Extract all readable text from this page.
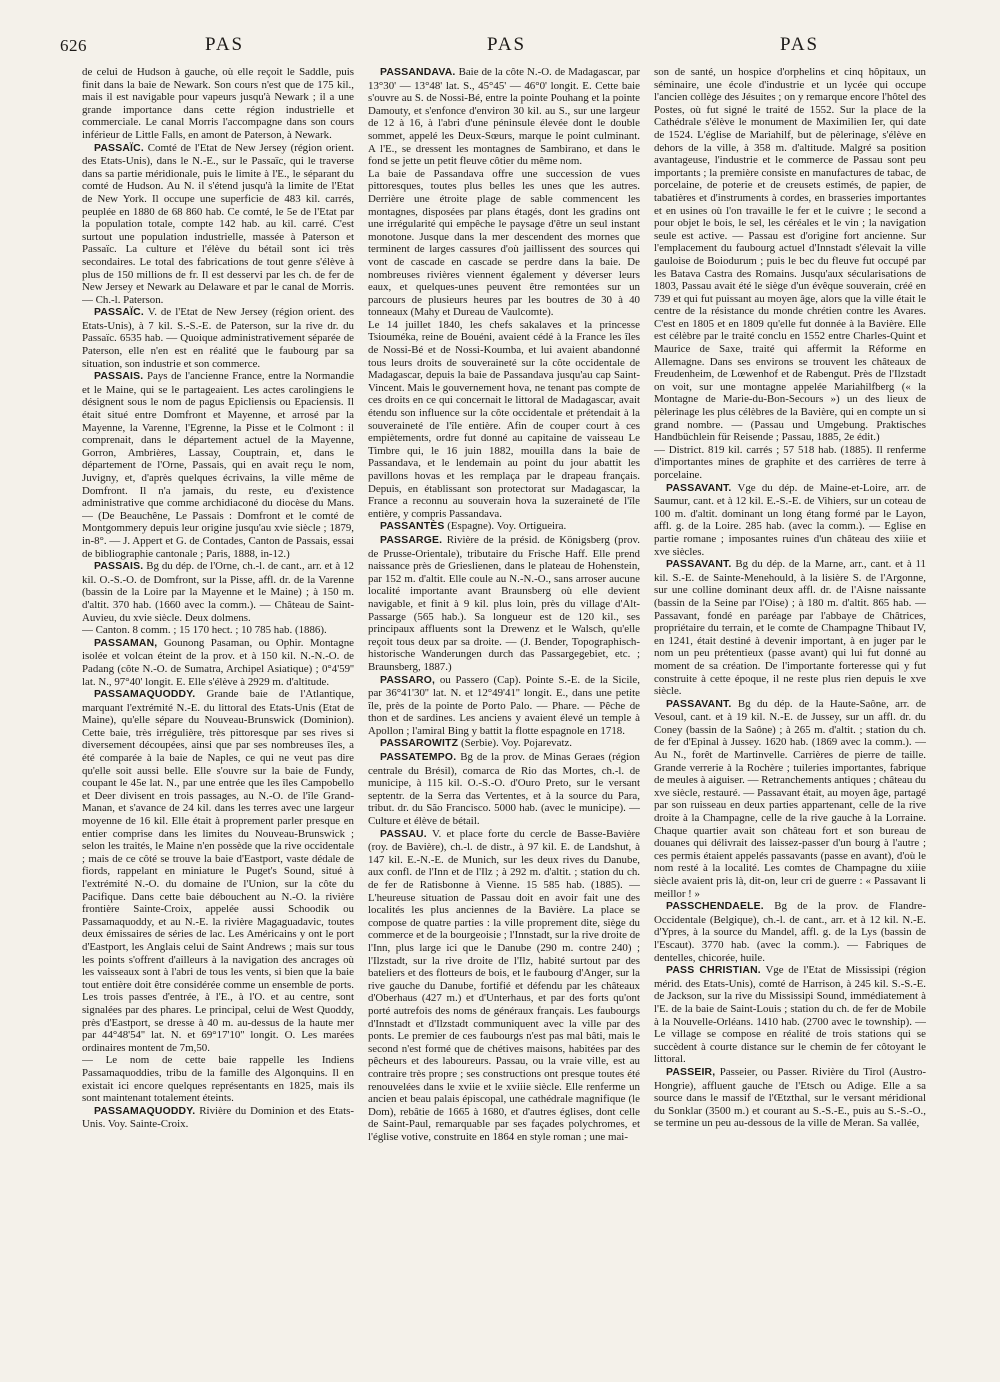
626	PAS	PAS	PAS

de celui de Hudson à gauche, où elle reçoit le Saddle, puis finit dans la baie de Newark. Son cours n'est que de 175 kil., mais il est navigable pour vapeurs jusqu'à Newark ; il a une grande importance dans cette région industrielle et commerciale. Le canal Morris l'accompagne dans son cours inférieur de Little Falls, en amont de Paterson, à Newark.

PASSAÏC. Comté de l'Etat de New Jersey (région orient. des Etats-Unis), dans le N.-E., sur le Passaïc, qui le traverse dans sa partie méridionale, puis le limite à l'E., le séparant du comté de Hudson. Au N. il s'étend jusqu'à la limite de l'Etat de New York. Il occupe une superficie de 483 kil. carrés, peuplée en 1880 de 68 860 hab. Ce comté, le 5e de l'Etat par la population totale, compte 142 hab. au kil. carré. C'est surtout une population industrielle, massée à Paterson et Passaïc. La culture et l'élève du bétail sont ici très secondaires. Le total des fabrications de tout genre s'élève à plus de 150 millions de fr. Il est desservi par les ch. de fer de New Jersey et Newark au Delaware et par le canal de Morris. — Ch.-l. Paterson.

PASSAÏC. V. de l'Etat de New Jersey (région orient. des Etats-Unis), à 7 kil. S.-S.-E. de Paterson, sur la rive dr. du Passaïc. 6535 hab. — Quoique administrativement séparée de Paterson, elle n'en est en réalité que le faubourg par sa situation, son industrie et son commerce.

PASSAIS. Pays de l'ancienne France, entre la Normandie et le Maine, qui se le partageaient. Les actes carolingiens le désignent sous le nom de pagus Epicliensis ou Epaciensis. Il était situé entre Domfront et Mayenne, et arrosé par la Mayenne, la Varenne, l'Egrenne, la Pisse et le Colmont : il comprenait, dans le département actuel de la Mayenne, Gorron, Ambrières, Lassay, Couptrain, et, dans le département de l'Orne, Passais, qui en avait reçu le nom, Juvigny, et, d'après quelques écrivains, la ville même de Domfront. Il n'a jamais, du reste, eu d'existence administrative que comme archidiaconé du diocèse du Mans. — (De Beauchêne, Le Passais : Domfront et le comté de Montgommery depuis leur origine jusqu'au xvie siècle ; 1879, in-8°. — J. Appert et G. de Contades, Canton de Passais, essai de bibliographie cantonale ; Paris, 1888, in-12.)

PASSAIS. Bg du dép. de l'Orne, ch.-l. de cant., arr. et à 12 kil. O.-S.-O. de Domfront, sur la Pisse, affl. dr. de la Varenne (bassin de la Loire par la Mayenne et le Maine) ; à 150 m. d'altit. 370 hab. (1660 avec la comm.). — Château de Saint-Auvieu, du xvie siècle. Deux dolmens.

— Canton. 8 comm. ; 15 170 hect. ; 10 785 hab. (1886).

PASSAMAN, Gounong Pasaman, ou Ophir. Montagne isolée et volcan éteint de la prov. et à 150 kil. N.-N.-O. de Padang (côte N.-O. de Sumatra, Archipel Asiatique) ; 0°4'59'' lat. N., 97°40' longit. E. Elle s'élève à 2929 m. d'altitude.

PASSAMAQUODDY. Grande baie de l'Atlantique, marquant l'extrémité N.-E. du littoral des Etats-Unis (Etat de Maine), qu'elle sépare du Nouveau-Brunswick (Dominion). Cette baie, très irrégulière, très pittoresque par ses rives si diversement découpées, ainsi que par ses nombreuses îles, a été comparée à la baie de Naples, ce qui ne veut pas dire qu'elle soit aussi belle. Elle s'ouvre sur la baie de Fundy, coupant le 45e lat. N., par une entrée que les îles Campobello et Deer divisent en trois passages, au N.-O. de l'île Grand-Manan, et s'avance de 24 kil. dans les terres avec une largeur moyenne de 16 kil. Elle était à proprement parler presque en entier comprise dans les limites du Nouveau-Brunswick ; selon les traités, le Maine n'en possède que la rive occidentale ; mais de ce côté se trouve la baie d'Eastport, vaste dédale de fiords, rappelant en miniature le Puget's Sound, situé à l'extrémité N.-O. du domaine de l'Union, sur la côte du Pacifique. Dans cette baie débouchent au N.-O. la rivière frontière Sainte-Croix, appelée aussi Schoodik ou Passamaquoddy, et au N.-E. la rivière Magaguadavic, toutes deux émissaires de séries de lac. Les Américains y ont le port d'Eastport, les Anglais celui de Saint Andrews ; mais sur tous les points s'offrent d'ailleurs à la navigation des ancrages où les vaisseaux sont à l'abri de tous les vents, si bien que la baie tout entière doit être considérée comme un ensemble de ports. Les trois passes d'entrée, à l'E., à l'O. et au centre, sont signalées par des phares. Le principal, celui de West Quoddy, près d'Eastport, se dresse à 40 m. au-dessus de la haute mer par 44°48'54'' lat. N. et 69°17'10'' longit. O. Les marées ordinaires montent de 7m,50.

— Le nom de cette baie rappelle les Indiens Passamaquoddies, tribu de la famille des Algonquins. Il en existait ici encore quelques représentants en 1825, mais ils sont maintenant totalement éteints.

PASSAMAQUODDY. Rivière du Dominion et des Etats-Unis. Voy. Sainte-Croix.

PASSANDAVA. Baie de la côte N.-O. de Madagascar, par 13°30' — 13°48' lat. S., 45°45' — 46°0' longit. E. Cette baie s'ouvre au S. de Nossi-Bé, entre la pointe Pouhang et la pointe Damouty, et s'enfonce d'environ 30 kil. au S., sur une largeur de 12 à 16, à l'abri d'une péninsule élevée dont le double sommet, appelé les Deux-Sœurs, marque le point culminant. A l'E., se dressent les montagnes de Sambirano, et dans le fond se jette un petit fleuve côtier du même nom.

La baie de Passandava offre une succession de vues pittoresques, toutes plus belles les unes que les autres. Derrière une étroite plage de sable commencent les montagnes, disposées par plans étagés, dont les gradins ont une irrégularité qui empêche le paysage d'être un seul instant monotone. Jusque dans la mer descendent des mornes que terminent de larges cassures d'où jaillissent des sources qui vont de cascade en cascade se perdre dans la baie. De nombreuses rivières viennent également y déverser leurs eaux, et quelques-unes peuvent être remontées sur un parcours de plusieurs heures par les boutres de 30 à 40 tonneaux (Mahy et Dureau de Vaulcomte).

Le 14 juillet 1840, les chefs sakalaves et la princesse Tsiouméka, reine de Bouéni, avaient cédé à la France les îles de Nossi-Bé et de Nossi-Koumba, et lui avaient abandonné tous leurs droits de souveraineté sur la côte occidentale de Madagascar, depuis la baie de Passandava jusqu'au cap Saint-Vincent. Mais le gouvernement hova, ne tenant pas compte de ces droits en ce qui concernait le littoral de Madagascar, avait étendu son influence sur la côte occidentale et prétendait à la souveraineté de l'île entière. Afin de couper court à ces empiètements, ordre fut donné au capitaine de vaisseau Le Timbre qui, le 16 juin 1882, mouilla dans la baie de Passandava, et le lendemain au point du jour abattit les pavillons hovas et les remplaça par le drapeau français. Depuis, en établissant son protectorat sur Madagascar, la France a reconnu au souverain hova la suzeraineté de l'île entière, y compris Passandava.

PASSANTÈS (Espagne). Voy. Ortigueira.

PASSARGE. Rivière de la présid. de Königsberg (prov. de Prusse-Orientale), tributaire du Frische Haff. Elle prend naissance près de Grieslienen, dans le plateau de Hohenstein, par 152 m. d'altit. Elle coule au N.-N.-O., sans arroser aucune localité importante avant Braunsberg où elle devient navigable, et finit à 9 kil. plus loin, près du village d'Alt-Passarge (565 hab.). Sa longueur est de 120 kil., ses principaux affluents sont la Drewenz et le Walsch, qu'elle reçoit tous deux par sa droite. — (J. Bender, Topographisch-historische Wanderungen durch das Passargegebiet, etc. ; Braunsberg, 1887.)

PASSARO, ou Passero (Cap). Pointe S.-E. de la Sicile, par 36°41'30'' lat. N. et 12°49'41'' longit. E., dans une petite île, près de la pointe de Porto Palo. — Phare. — Pêche de thon et de sardines. Les anciens y avaient élevé un temple à Apollon ; l'amiral Bing y battit la flotte espagnole en 1718.

PASSAROWITZ (Serbie). Voy. Pojarevatz.

PASSATEMPO. Bg de la prov. de Minas Geraes (région centrale du Brésil), comarca de Rio das Mortes, ch.-l. de municipe, à 115 kil. O.-S.-O. d'Ouro Preto, sur le versant septentr. de la Serra das Vertentes, et à la source du Para, tribut. dr. du São Francisco. 5000 hab. (avec le municipe). — Culture et élève de bétail.

PASSAU. V. et place forte du cercle de Basse-Bavière (roy. de Bavière), ch.-l. de distr., à 97 kil. E. de Landshut, à 147 kil. E.-N.-E. de Munich, sur les deux rives du Danube, aux confl. de l'Inn et de l'Ilz ; à 292 m. d'altit. ; station du ch. de fer de Ratisbonne à Vienne. 15 585 hab. (1885). — L'heureuse situation de Passau doit en avoir fait une des localités les plus anciennes de la Bavière. La place se compose de quatre parties : la ville proprement dite, siège du commerce et de la bourgeoisie ; l'Innstadt, sur la rive droite de l'Inn, plus large ici que le Danube (290 m. contre 240) ; l'Ilzstadt, sur la rive droite de l'Ilz, habité surtout par des bateliers et des flotteurs de bois, et le faubourg d'Anger, sur la rive gauche du Danube, fortifié et défendu par les châteaux d'Oberhaus (427 m.) et d'Unterhaus, et par des forts qu'ont porté autrefois des noms de généraux français. Les faubourgs d'Innstadt et d'Ilzstadt communiquent avec la ville par des ponts. Le premier de ces faubourgs n'est pas mal bâti, mais le second n'est formé que de chétives maisons, habitées par des pêcheurs et des laboureurs. Passau, ou la vraie ville, est au contraire très propre ; ses constructions ont presque toutes été renouvelées dans le xviie et le xviiie siècle. Elle renferme un ancien et beau palais épiscopal, une cathédrale magnifique (le Dom), rebâtie de 1665 à 1680, et d'autres églises, dont celle de Saint-Paul, remarquable par ses façades polychromes, et l'église votive, construite en 1864 en style roman ; une mai-

son de santé, un hospice d'orphelins et cinq hôpitaux, un séminaire, une école d'industrie et un lycée qui occupe l'ancien collège des Jésuites ; on y remarque encore l'hôtel des Postes, où fut signé le traité de 1552. Sur la place de la Cathédrale s'élève le monument de Maximilien Ier, qui date de 1524. L'église de Mariahilf, but de pèlerinage, s'élève en dehors de la ville, à 358 m. d'altitude. Malgré sa position avantageuse, l'industrie et le commerce de Passau sont peu importants ; la première consiste en manufactures de tabac, de porcelaine, de poterie et de creusets estimés, de papier, de tabatières et d'instruments à cordes, en brasseries importantes et en usines où l'on travaille le fer et le cuivre ; le second a pour objet le bois, le sel, les céréales et le vin ; la navigation seule est active. — Passau est d'origine fort ancienne. Sur l'emplacement du faubourg actuel d'Innstadt s'élevait la ville gauloise de Boiodurum ; puis le bec du fleuve fut occupé par les Batava Castra des Romains. Jusqu'aux sécularisations de 1803, Passau avait été le siège d'un évêque souverain, créé en 739 et qui fut puissant au moyen âge, alors que la ville était le centre de la résistance du monde chrétien contre les Avares. C'est en 1805 et en 1809 qu'elle fut donnée à la Bavière. Elle est célèbre par le traité conclu en 1552 entre Charles-Quint et Maurice de Saxe, traité qui affermit la Réforme en Allemagne. Dans ses environs se trouvent les châteaux de Freudenheim, de Lœwenhof et de Rabengut. Près de l'Ilzstadt on voit, sur une montagne appelée Mariahilfberg (« la Montagne de Marie-du-Bon-Secours ») un des lieux de pèlerinage les plus célèbres de la Bavière, qui en compte un si grand nombre. — (Passau und Umgebung. Praktisches Handbüchlein für Reisende ; Passau, 1885, 2e édit.)

— District. 819 kil. carrés ; 57 518 hab. (1885). Il renferme d'importantes mines de graphite et des carrières de terre à porcelaine.

PASSAVANT. Vge du dép. de Maine-et-Loire, arr. de Saumur, cant. et à 12 kil. E.-S.-E. de Vihiers, sur un coteau de 100 m. d'altit. dominant un long étang formé par le Layon, affl. g. de la Loire. 285 hab. (avec la comm.). — Eglise en partie romane ; imposantes ruines d'un château des xiiie et xve siècles.

PASSAVANT. Bg du dép. de la Marne, arr., cant. et à 11 kil. S.-E. de Sainte-Menehould, à la lisière S. de l'Argonne, sur une colline dominant deux affl. dr. de l'Aisne naissante (bassin de la Seine par l'Oise) ; à 180 m. d'altit. 865 hab. — Passavant, fondé en paréage par l'abbaye de Châtrices, propriétaire du terrain, et le comte de Champagne Thibaut IV, en 1241, était destiné à devenir important, à en juger par le nom un peu prétentieux (passe avant) qui lui fut donné au moment de sa création. De l'importante forteresse qui y fut construite à cette époque, il ne reste plus rien depuis le xve siècle.

PASSAVANT. Bg du dép. de la Haute-Saône, arr. de Vesoul, cant. et à 19 kil. N.-E. de Jussey, sur un affl. dr. du Coney (bassin de la Saône) ; à 265 m. d'altit. ; station du ch. de fer d'Epinal à Jussey. 1620 hab. (1869 avec la comm.). — Au N., forêt de Martinvelle. Carrières de pierre de taille. Grande verrerie à la Rochère ; tuileries importantes, fabrique de meules à aiguiser. — Retranchements antiques ; château du xve siècle, restauré. — Passavant était, au moyen âge, partagé par son ruisseau en deux parties appartenant, celle de la rive droite à la Champagne, celle de la rive gauche à la Lorraine. Chaque quartier avait son château fort et son bureau de douanes qui délivrait des laissez-passer d'un bourg à l'autre ; ces permis étaient appelés passavants (passe en avant), d'où le nom resté à la localité. Les comtes de Champagne du xiiie siècle avaient pris là, dit-on, leur cri de guerre : « Passavant li meillor ! »

PASSCHENDAELE. Bg de la prov. de Flandre-Occidentale (Belgique), ch.-l. de cant., arr. et à 12 kil. N.-E. d'Ypres, à la source du Mandel, affl. g. de la Lys (bassin de l'Escaut). 3770 hab. (avec la comm.). — Fabriques de dentelles, chicorée, huile.

PASS CHRISTIAN. Vge de l'Etat de Mississipi (région mérid. des Etats-Unis), comté de Harrison, à 245 kil. S.-S.-E. de Jackson, sur la rive du Mississipi Sound, immédiatement à l'E. de la baie de Saint-Louis ; station du ch. de fer de Mobile à la Nouvelle-Orléans. 1410 hab. (2700 avec le township). — Le village se compose en réalité de trois stations qui se succèdent à courte distance sur le chemin de fer côtoyant le littoral.

PASSEIR, Passeier, ou Passer. Rivière du Tirol (Austro-Hongrie), affluent gauche de l'Etsch ou Adige. Elle a sa source dans le massif de l'Œtzthal, sur le versant méridional du Sonklar (3500 m.) et courant au S.-S.-E., puis au S.-S.-O., se termine un peu au-dessous de la ville de Meran. Sa vallée,
